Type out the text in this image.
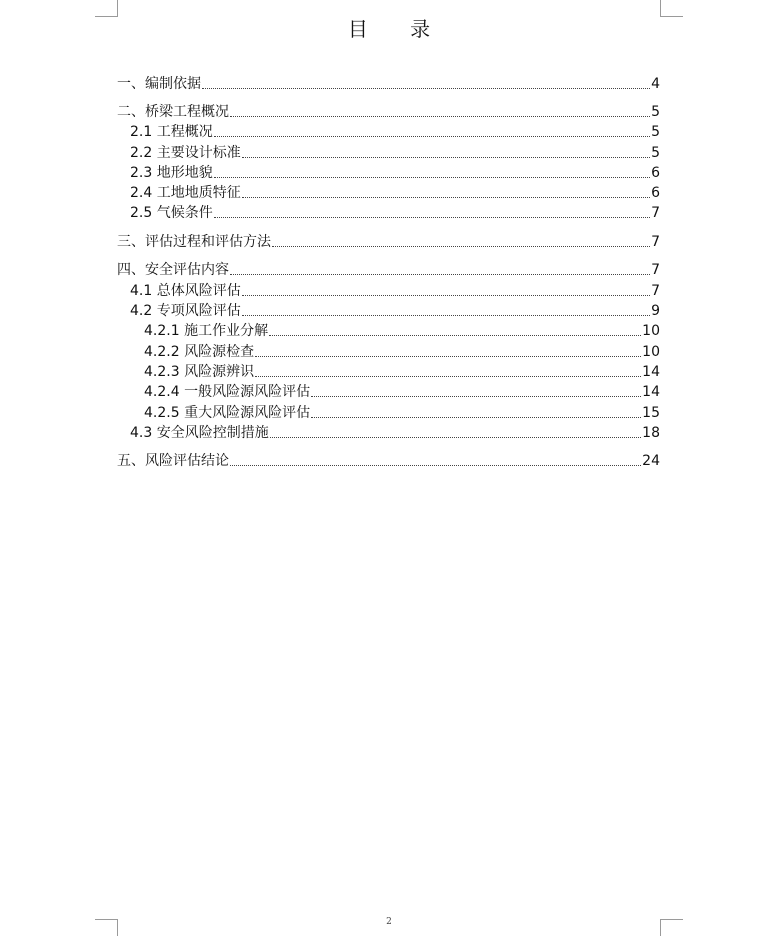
目 录
一、编制依据	4
二、桥梁工程概况	5
2.1 工程概况	5
2.2 主要设计标准	5
2.3 地形地貌	6
2.4 工地地质特征	6
2.5 气候条件	7
三、评估过程和评估方法	7
四、安全评估内容	7
4.1 总体风险评估	7
4.2 专项风险评估	9
4.2.1 施工作业分解	10
4.2.2 风险源检查	10
4.2.3 风险源辨识	14
4.2.4 一般风险源风险评估	14
4.2.5 重大风险源风险评估	15
4.3 安全风险控制措施	18
五、风险评估结论	24
2
